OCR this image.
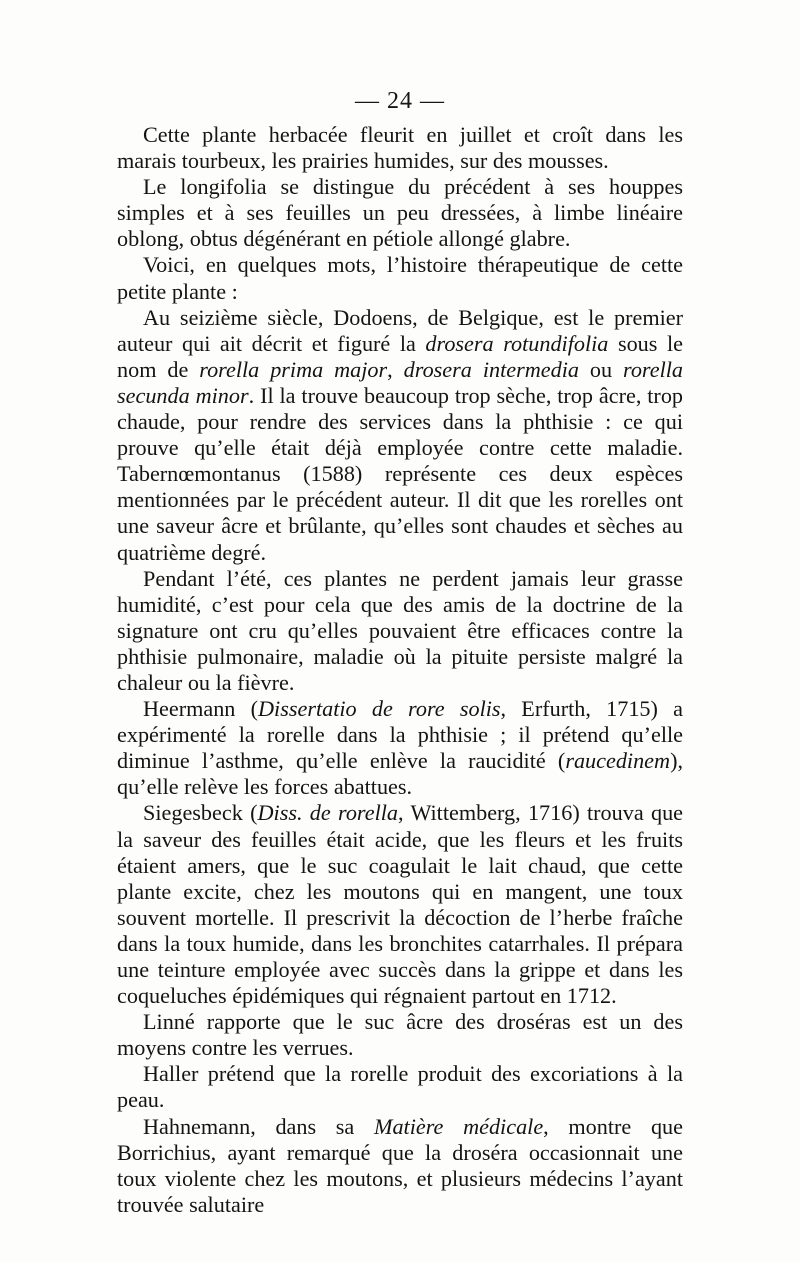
— 24 —

Cette plante herbacée fleurit en juillet et croît dans les marais tourbeux, les prairies humides, sur des mousses.

Le longifolia se distingue du précédent à ses houppes simples et à ses feuilles un peu dressées, à limbe linéaire oblong, obtus dégénérant en pétiole allongé glabre.

Voici, en quelques mots, l’histoire thérapeutique de cette petite plante :

Au seizième siècle, Dodoens, de Belgique, est le premier auteur qui ait décrit et figuré la drosera rotundifolia sous le nom de rorella prima major, drosera intermedia ou rorella secunda minor. Il la trouve beaucoup trop sèche, trop âcre, trop chaude, pour rendre des services dans la phthisie : ce qui prouve qu’elle était déjà employée contre cette maladie. Tabernœmontanus (1588) représente ces deux espèces mentionnées par le précédent auteur. Il dit que les rorelles ont une saveur âcre et brûlante, qu’elles sont chaudes et sèches au quatrième degré.

Pendant l’été, ces plantes ne perdent jamais leur grasse humidité, c’est pour cela que des amis de la doctrine de la signature ont cru qu’elles pouvaient être efficaces contre la phthisie pulmonaire, maladie où la pituite persiste malgré la chaleur ou la fièvre.

Heermann (Dissertatio de rore solis, Erfurth, 1715) a expérimenté la rorelle dans la phthisie ; il prétend qu’elle diminue l’asthme, qu’elle enlève la raucidité (raucedinem), qu’elle relève les forces abattues.

Siegesbeck (Diss. de rorella, Wittemberg, 1716) trouva que la saveur des feuilles était acide, que les fleurs et les fruits étaient amers, que le suc coagulait le lait chaud, que cette plante excite, chez les moutons qui en mangent, une toux souvent mortelle. Il prescrivit la décoction de l’herbe fraîche dans la toux humide, dans les bronchites catarrhales. Il prépara une teinture employée avec succès dans la grippe et dans les coqueluches épidémiques qui régnaient partout en 1712.

Linné rapporte que le suc âcre des droséras est un des moyens contre les verrues.

Haller prétend que la rorelle produit des excoriations à la peau.

Hahnemann, dans sa Matière médicale, montre que Borrichius, ayant remarqué que la droséra occasionnait une toux violente chez les moutons, et plusieurs médecins l’ayant trouvée salutaire
